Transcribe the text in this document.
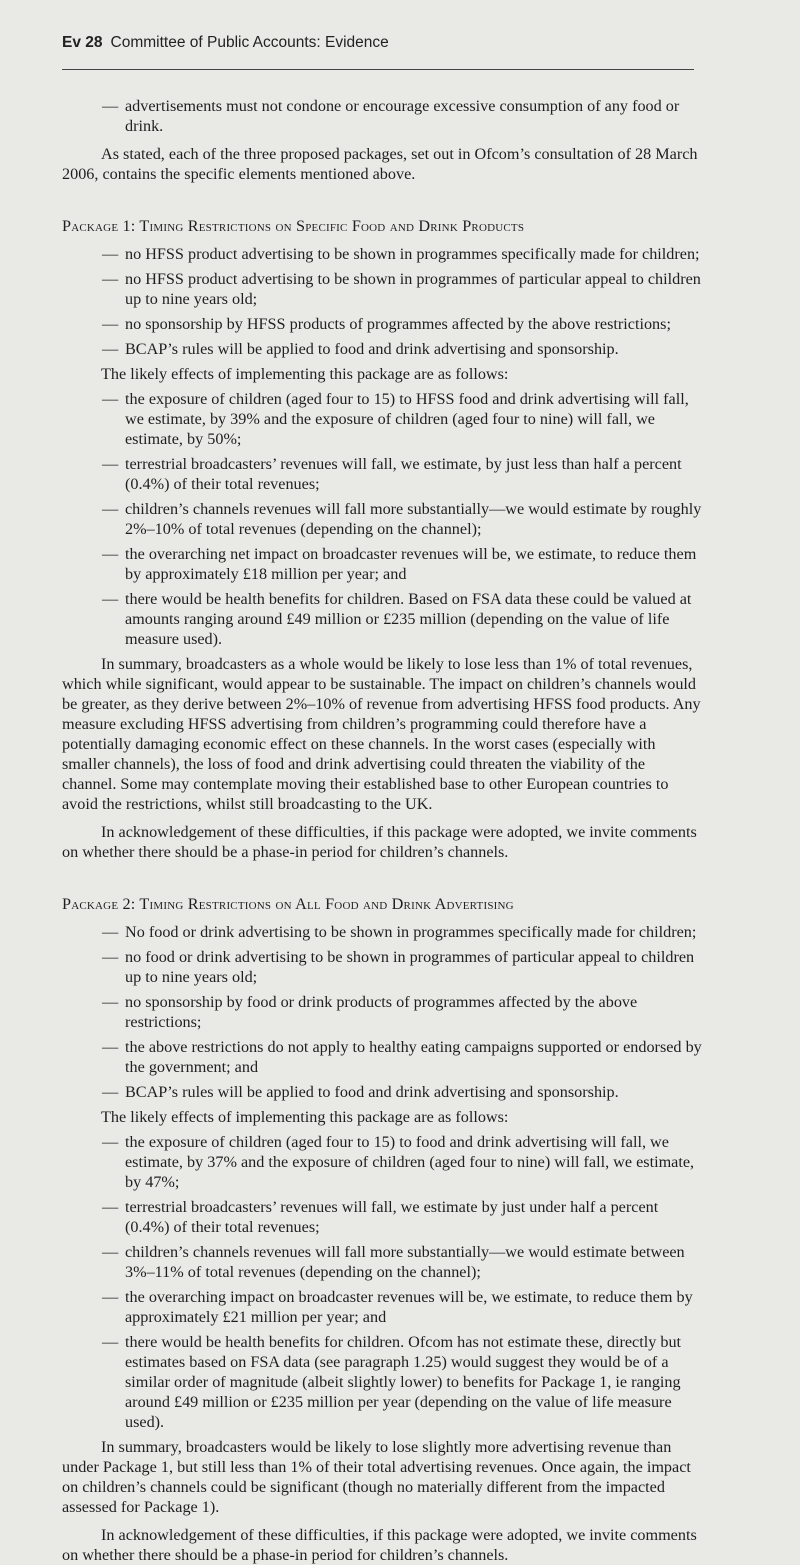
Ev 28 Committee of Public Accounts: Evidence
— advertisements must not condone or encourage excessive consumption of any food or drink.

As stated, each of the three proposed packages, set out in Ofcom’s consultation of 28 March 2006, contains the specific elements mentioned above.

Package 1: Timing Restrictions on Specific Food and Drink Products

— no HFSS product advertising to be shown in programmes specifically made for children;
— no HFSS product advertising to be shown in programmes of particular appeal to children up to nine years old;
— no sponsorship by HFSS products of programmes affected by the above restrictions;
— BCAP’s rules will be applied to food and drink advertising and sponsorship.

The likely effects of implementing this package are as follows:

— the exposure of children (aged four to 15) to HFSS food and drink advertising will fall, we estimate, by 39% and the exposure of children (aged four to nine) will fall, we estimate, by 50%;
— terrestrial broadcasters’ revenues will fall, we estimate, by just less than half a percent (0.4%) of their total revenues;
— children’s channels revenues will fall more substantially—we would estimate by roughly 2%–10% of total revenues (depending on the channel);
— the overarching net impact on broadcaster revenues will be, we estimate, to reduce them by approximately £18 million per year; and
— there would be health benefits for children. Based on FSA data these could be valued at amounts ranging around £49 million or £235 million (depending on the value of life measure used).

In summary, broadcasters as a whole would be likely to lose less than 1% of total revenues, which while significant, would appear to be sustainable. The impact on children’s channels would be greater, as they derive between 2%–10% of revenue from advertising HFSS food products. Any measure excluding HFSS advertising from children’s programming could therefore have a potentially damaging economic effect on these channels. In the worst cases (especially with smaller channels), the loss of food and drink advertising could threaten the viability of the channel. Some may contemplate moving their established base to other European countries to avoid the restrictions, whilst still broadcasting to the UK.

In acknowledgement of these difficulties, if this package were adopted, we invite comments on whether there should be a phase-in period for children’s channels.

Package 2: Timing Restrictions on All Food and Drink Advertising

— No food or drink advertising to be shown in programmes specifically made for children;
— no food or drink advertising to be shown in programmes of particular appeal to children up to nine years old;
— no sponsorship by food or drink products of programmes affected by the above restrictions;
— the above restrictions do not apply to healthy eating campaigns supported or endorsed by the government; and
— BCAP’s rules will be applied to food and drink advertising and sponsorship.

The likely effects of implementing this package are as follows:

— the exposure of children (aged four to 15) to food and drink advertising will fall, we estimate, by 37% and the exposure of children (aged four to nine) will fall, we estimate, by 47%;
— terrestrial broadcasters’ revenues will fall, we estimate by just under half a percent (0.4%) of their total revenues;
— children’s channels revenues will fall more substantially—we would estimate between 3%–11% of total revenues (depending on the channel);
— the overarching impact on broadcaster revenues will be, we estimate, to reduce them by approximately £21 million per year; and
— there would be health benefits for children. Ofcom has not estimate these, directly but estimates based on FSA data (see paragraph 1.25) would suggest they would be of a similar order of magnitude (albeit slightly lower) to benefits for Package 1, ie ranging around £49 million or £235 million per year (depending on the value of life measure used).

In summary, broadcasters would be likely to lose slightly more advertising revenue than under Package 1, but still less than 1% of their total advertising revenues. Once again, the impact on children’s channels could be significant (though no materially different from the impacted assessed for Package 1).

In acknowledgement of these difficulties, if this package were adopted, we invite comments on whether there should be a phase-in period for children’s channels.
